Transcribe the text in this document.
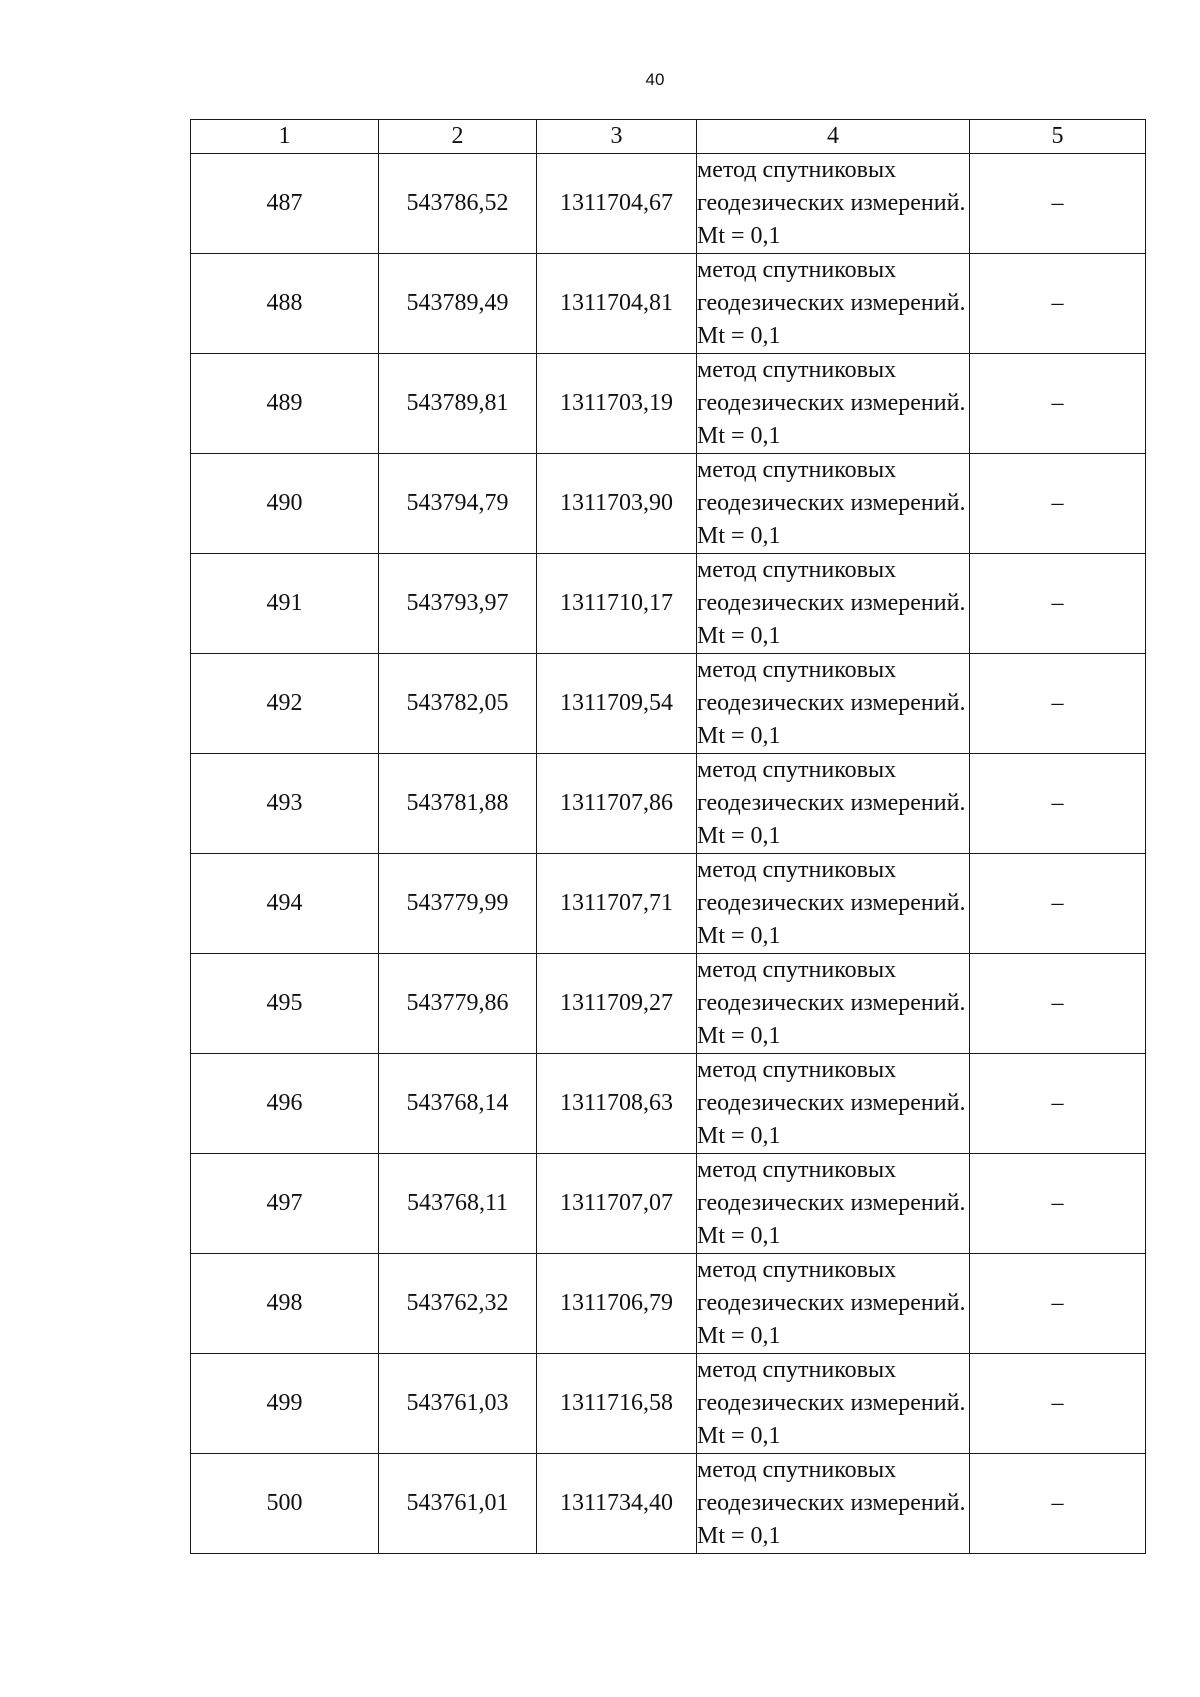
40
1	2	3	4	5
487	543786,52	1311704,67	метод спутниковых геодезических измерений. Mt = 0,1	–
488	543789,49	1311704,81	метод спутниковых геодезических измерений. Mt = 0,1	–
489	543789,81	1311703,19	метод спутниковых геодезических измерений. Mt = 0,1	–
490	543794,79	1311703,90	метод спутниковых геодезических измерений. Mt = 0,1	–
491	543793,97	1311710,17	метод спутниковых геодезических измерений. Mt = 0,1	–
492	543782,05	1311709,54	метод спутниковых геодезических измерений. Mt = 0,1	–
493	543781,88	1311707,86	метод спутниковых геодезических измерений. Mt = 0,1	–
494	543779,99	1311707,71	метод спутниковых геодезических измерений. Mt = 0,1	–
495	543779,86	1311709,27	метод спутниковых геодезических измерений. Mt = 0,1	–
496	543768,14	1311708,63	метод спутниковых геодезических измерений. Mt = 0,1	–
497	543768,11	1311707,07	метод спутниковых геодезических измерений. Mt = 0,1	–
498	543762,32	1311706,79	метод спутниковых геодезических измерений. Mt = 0,1	–
499	543761,03	1311716,58	метод спутниковых геодезических измерений. Mt = 0,1	–
500	543761,01	1311734,40	метод спутниковых геодезических измерений. Mt = 0,1	–
